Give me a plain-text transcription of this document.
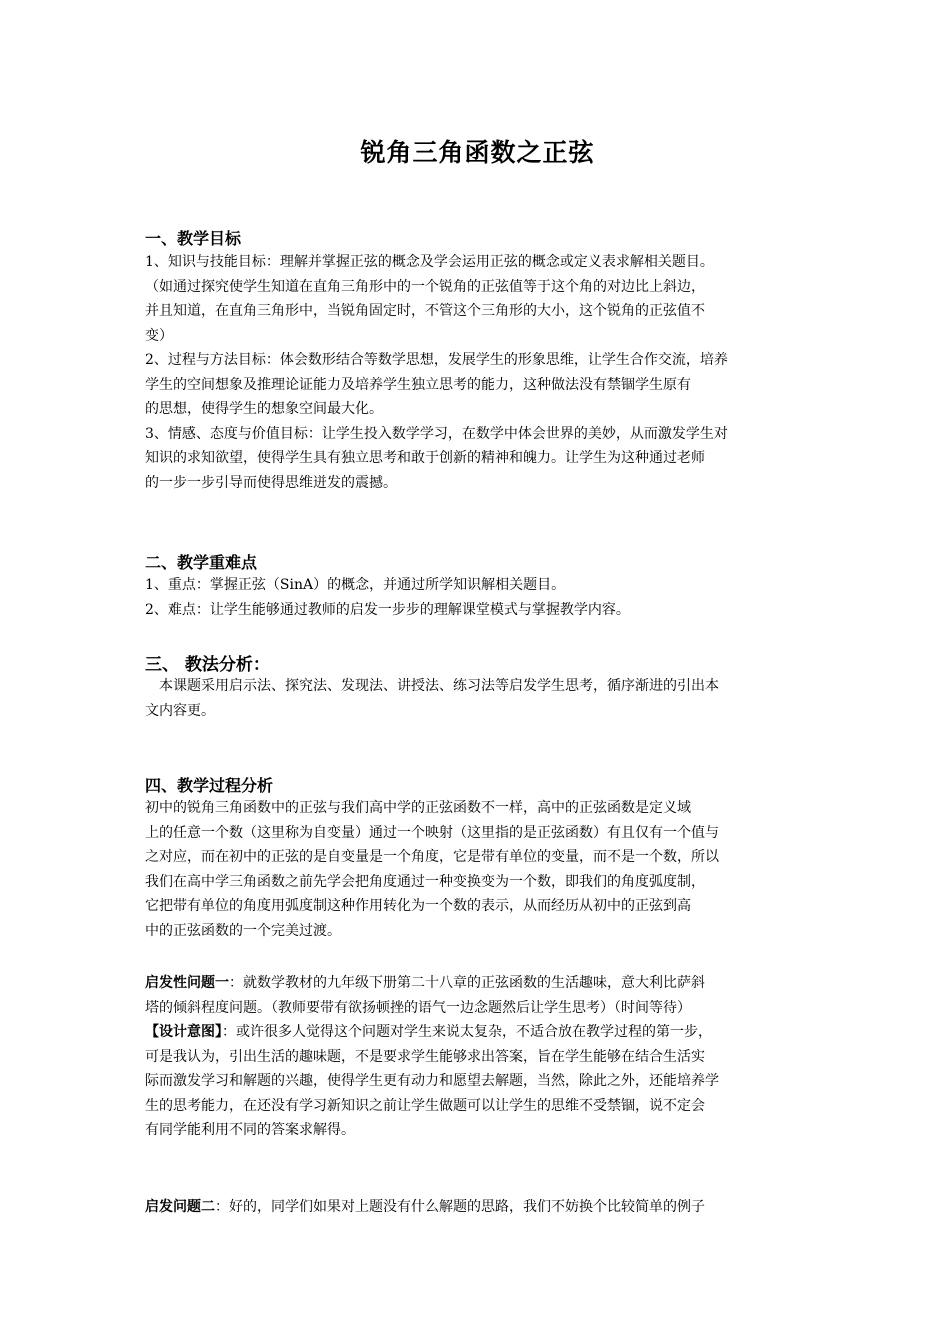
锐角三角函数之正弦
一、教学目标
1、知识与技能目标：理解并掌握正弦的概念及学会运用正弦的概念或定义表求解相关题目。
（如通过探究使学生知道在直角三角形中的一个锐角的正弦值等于这个角的对边比上斜边，
并且知道，在直角三角形中，当锐角固定时，不管这个三角形的大小，这个锐角的正弦值不
变）
2、过程与方法目标：体会数形结合等数学思想，发展学生的形象思维，让学生合作交流，培养
学生的空间想象及推理论证能力及培养学生独立思考的能力，这种做法没有禁锢学生原有
的思想，使得学生的想象空间最大化。
3、情感、态度与价值目标：让学生投入数学学习，在数学中体会世界的美妙，从而激发学生对
知识的求知欲望，使得学生具有独立思考和敢于创新的精神和魄力。让学生为这种通过老师
的一步一步引导而使得思维迸发的震撼。
二、教学重难点
1、重点：掌握正弦（SinA）的概念，并通过所学知识解相关题目。
2、难点：让学生能够通过教师的启发一步步的理解课堂模式与掌握教学内容。
三、 教法分析：
　本课题采用启示法、探究法、发现法、讲授法、练习法等启发学生思考，循序渐进的引出本
文内容更。
四、教学过程分析
初中的锐角三角函数中的正弦与我们高中学的正弦函数不一样，高中的正弦函数是定义域
上的任意一个数（这里称为自变量）通过一个映射（这里指的是正弦函数）有且仅有一个值与
之对应，而在初中的正弦的是自变量是一个角度，它是带有单位的变量，而不是一个数，所以
我们在高中学三角函数之前先学会把角度通过一种变换变为一个数，即我们的角度弧度制，
它把带有单位的角度用弧度制这种作用转化为一个数的表示，从而经历从初中的正弦到高
中的正弦函数的一个完美过渡。
启发性问题一：就数学教材的九年级下册第二十八章的正弦函数的生活趣味，意大利比萨斜
塔的倾斜程度问题。（教师要带有欲扬顿挫的语气一边念题然后让学生思考）（时间等待）
【设计意图】：或许很多人觉得这个问题对学生来说太复杂，不适合放在教学过程的第一步，
可是我认为，引出生活的趣味题，不是要求学生能够求出答案，旨在学生能够在结合生活实
际而激发学习和解题的兴趣，使得学生更有动力和愿望去解题，当然，除此之外，还能培养学
生的思考能力，在还没有学习新知识之前让学生做题可以让学生的思维不受禁锢，说不定会
有同学能利用不同的答案求解得。
启发问题二：好的，同学们如果对上题没有什么解题的思路，我们不妨换个比较简单的例子
